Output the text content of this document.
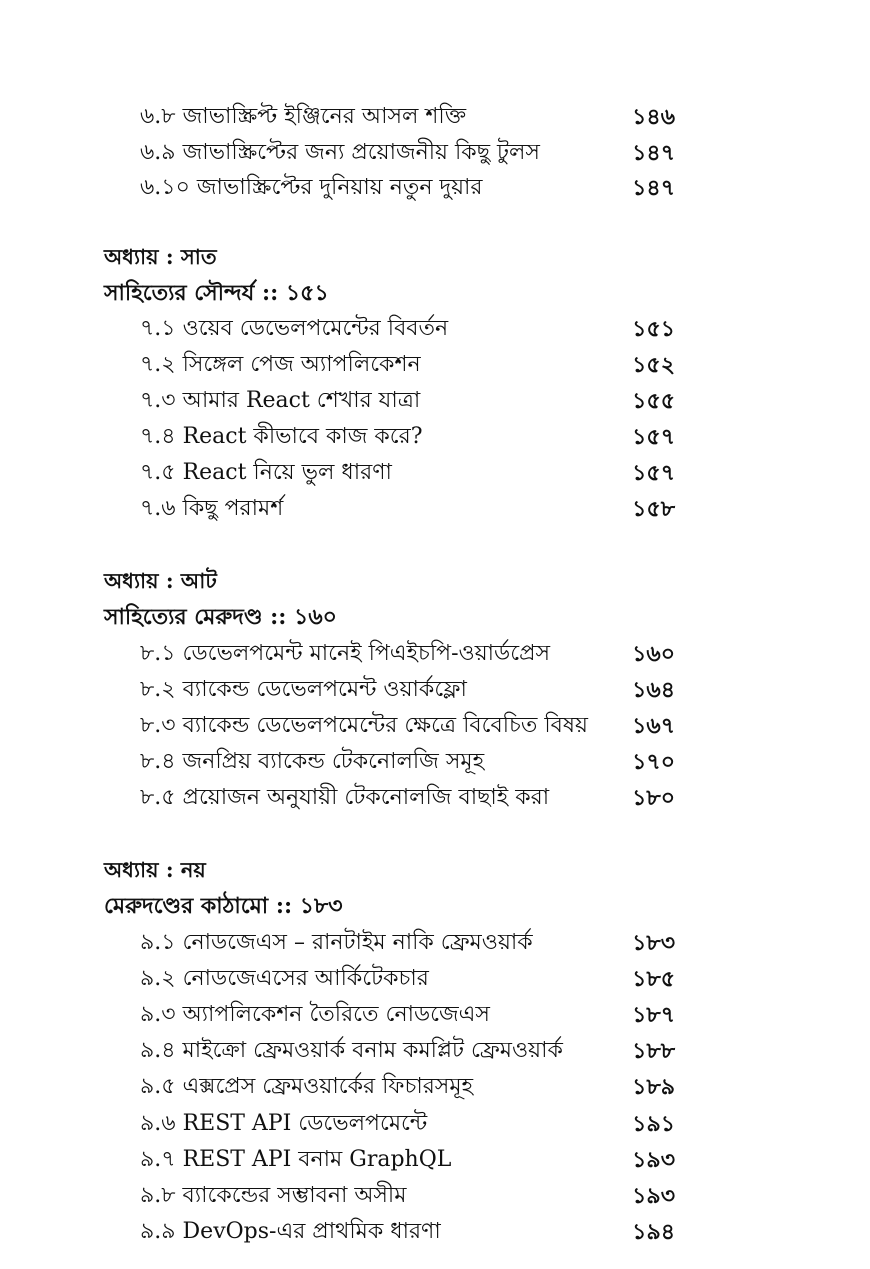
৬.৮ জাভাস্ক্রিপ্ট ইঞ্জিনের আসল শক্তি	১৪৬
৬.৯ জাভাস্ক্রিপ্টের জন্য প্রয়োজনীয় কিছু টুলস	১৪৭
৬.১০ জাভাস্ক্রিপ্টের দুনিয়ায় নতুন দুয়ার	১৪৭
অধ্যায় : সাত
সাহিত্যের সৌন্দর্য :: ১৫১
৭.১ ওয়েব ডেভেলপমেন্টের বিবর্তন	১৫১
৭.২ সিঙ্গেল পেজ অ্যাপলিকেশন	১৫২
৭.৩ আমার React শেখার যাত্রা	১৫৫
৭.৪ React কীভাবে কাজ করে?	১৫৭
৭.৫ React নিয়ে ভুল ধারণা	১৫৭
৭.৬ কিছু পরামর্শ	১৫৮
অধ্যায় : আট
সাহিত্যের মেরুদণ্ড :: ১৬০
৮.১ ডেভেলপমেন্ট মানেই পিএইচপি-ওয়ার্ডপ্রেস	১৬০
৮.২ ব্যাকেন্ড ডেভেলপমেন্ট ওয়ার্কফ্লো	১৬৪
৮.৩ ব্যাকেন্ড ডেভেলপমেন্টের ক্ষেত্রে বিবেচিত বিষয় ১৬৭
৮.৪ জনপ্রিয় ব্যাকেন্ড টেকনোলজি সমূহ	১৭০
৮.৫ প্রয়োজন অনুযায়ী টেকনোলজি বাছাই করা	১৮০
অধ্যায় : নয়
মেরুদণ্ডের কাঠামো :: ১৮৩
৯.১ নোডজেএস – রানটাইম নাকি ফ্রেমওয়ার্ক	১৮৩
৯.২ নোডজেএসের আর্কিটেকচার	১৮৫
৯.৩ অ্যাপলিকেশন তৈরিতে নোডজেএস	১৮৭
৯.৪ মাইক্রো ফ্রেমওয়ার্ক বনাম কমপ্লিট ফ্রেমওয়ার্ক	১৮৮
৯.৫ এক্সপ্রেস ফ্রেমওয়ার্কের ফিচারসমূহ	১৮৯
৯.৬ REST API ডেভেলপমেন্টে	১৯১
৯.৭ REST API বনাম GraphQL	১৯৩
৯.৮ ব্যাকেন্ডের সম্ভাবনা অসীম	১৯৩
৯.৯ DevOps-এর প্রাথমিক ধারণা	১৯৪
